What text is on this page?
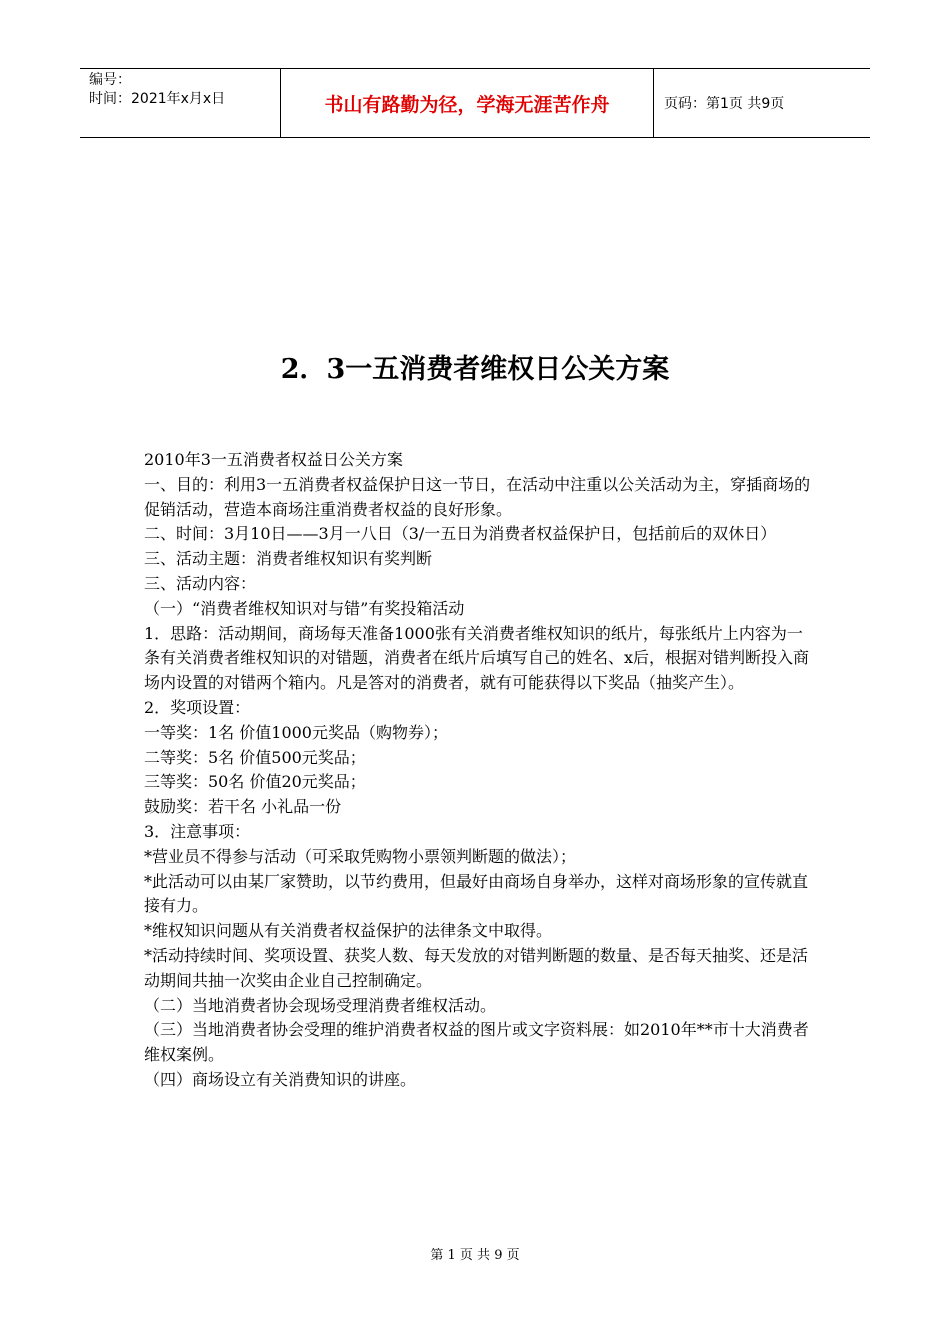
编号：
时间：2021年x月x日	书山有路勤为径，学海无涯苦作舟	页码：第1页 共9页
2．3一五消费者维权日公关方案

2010年3一五消费者权益日公关方案

一、目的：利用3一五消费者权益保护日这一节日，在活动中注重以公关活动为主，穿插商场的促销活动，营造本商场注重消费者权益的良好形象。

二、时间：3月10日——3月一八日（3/一五日为消费者权益保护日，包括前后的双休日）

三、活动主题：消费者维权知识有奖判断

三、活动内容：

（一）“消费者维权知识对与错”有奖投箱活动

1．思路：活动期间，商场每天准备1000张有关消费者维权知识的纸片，每张纸片上内容为一条有关消费者维权知识的对错题，消费者在纸片后填写自己的姓名、x后，根据对错判断投入商场内设置的对错两个箱内。凡是答对的消费者，就有可能获得以下奖品（抽奖产生）。

2．奖项设置：

一等奖：1名 价值1000元奖品（购物券）；

二等奖：5名 价值500元奖品；

三等奖：50名 价值20元奖品；

鼓励奖：若干名 小礼品一份

3．注意事项：

*营业员不得参与活动（可采取凭购物小票领判断题的做法）；

*此活动可以由某厂家赞助，以节约费用，但最好由商场自身举办，这样对商场形象的宣传就直接有力。

*维权知识问题从有关消费者权益保护的法律条文中取得。

*活动持续时间、奖项设置、获奖人数、每天发放的对错判断题的数量、是否每天抽奖、还是活动期间共抽一次奖由企业自己控制确定。

（二）当地消费者协会现场受理消费者维权活动。

（三）当地消费者协会受理的维护消费者权益的图片或文字资料展：如2010年**市十大消费者维权案例。

（四）商场设立有关消费知识的讲座。

第 1 页 共 9 页
